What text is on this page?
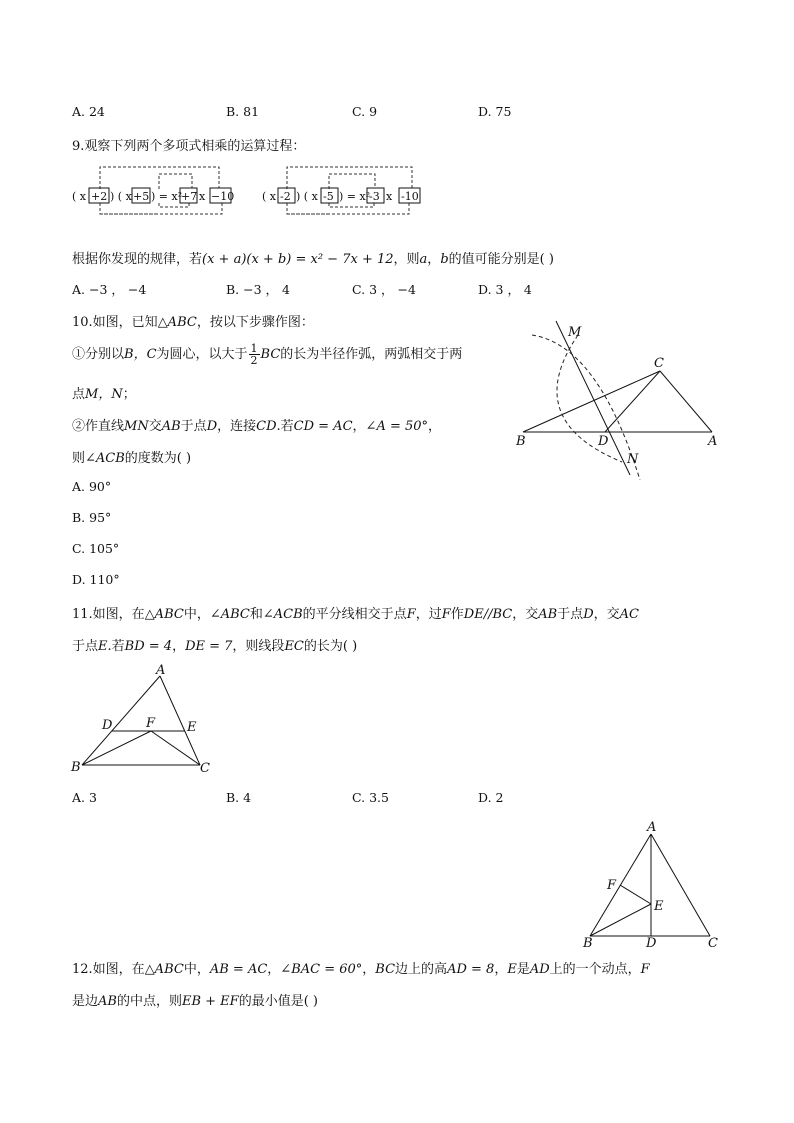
A. 24	B. 81	C. 9	D. 75
9.观察下列两个多项式相乘的运算过程：
( x +2 ) ( x +5 ) = x²
+7 x −10	( x -2 ) ( x -5 ) = x²
-3 x -10
根据你发现的规律，若(x + a)(x + b) = x² − 7x + 12，则a，b的值可能分别是( )
A. −3 ， −4	B. −3 ， 4	C. 3 ， −4	D. 3 ， 4
10.如图，已知△ABC，按以下步骤作图：
①分别以B，C为圆心，以大于 $\frac{1}{2}$ BC的长为半径作弧，两弧相交于两
点M，N；
②作直线MN交AB于点D，连接CD.若CD = AC，∠A = 50°，
则∠ACB的度数为( )
A. 90°
B. 95°
C. 105°
D. 110°
M
N
B	D	A
C
11.如图，在△ABC中，∠ABC和∠ACB的平分线相交于点F，过F作DE//BC，交AB于点D，交AC
于点E.若BD = 4，DE = 7，则线段EC的长为( )
A
D	F E
B	C
A. 3	B. 4	C. 3.5	D. 2
A
F
E
B	D	C
12.如图，在△ABC中，AB = AC，∠BAC = 60°，BC边上的高AD = 8，E是AD上的一个动点，F
是边AB的中点，则EB + EF的最小值是( )
